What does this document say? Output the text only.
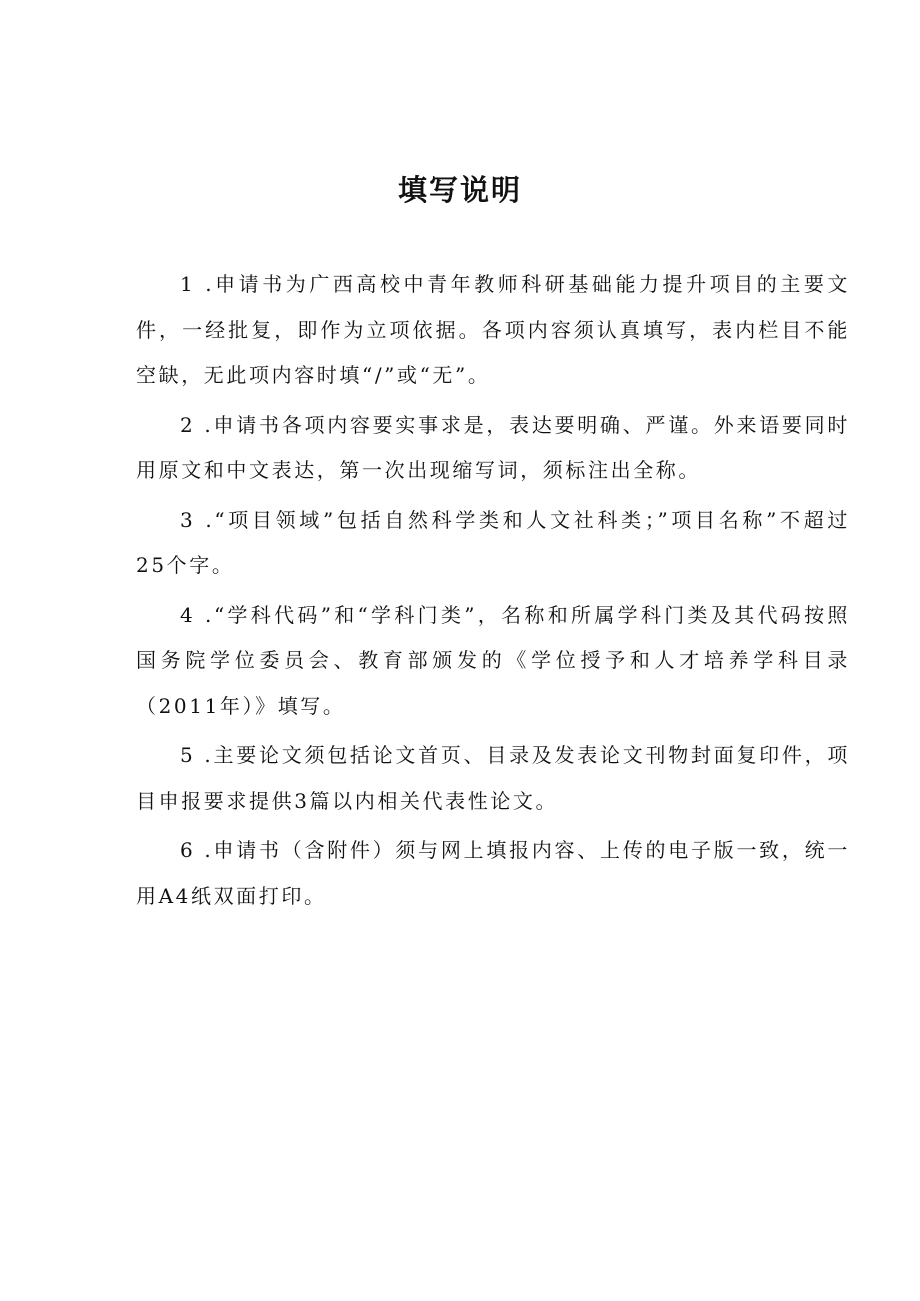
填写说明

1 .申请书为广西高校中青年教师科研基础能力提升项目的主要文件，一经批复，即作为立项依据。各项内容须认真填写，表内栏目不能空缺，无此项内容时填“/”或“无”。

2 .申请书各项内容要实事求是，表达要明确、严谨。外来语要同时用原文和中文表达，第一次出现缩写词，须标注出全称。

3 .“项目领域”包括自然科学类和人文社科类；”项目名称”不超过25个字。

4 .“学科代码”和“学科门类”，名称和所属学科门类及其代码按照国务院学位委员会、教育部颁发的《学位授予和人才培养学科目录（2011年）》填写。

5 .主要论文须包括论文首页、目录及发表论文刊物封面复印件，项目申报要求提供3篇以内相关代表性论文。

6 .申请书（含附件）须与网上填报内容、上传的电子版一致，统一用A4纸双面打印。
